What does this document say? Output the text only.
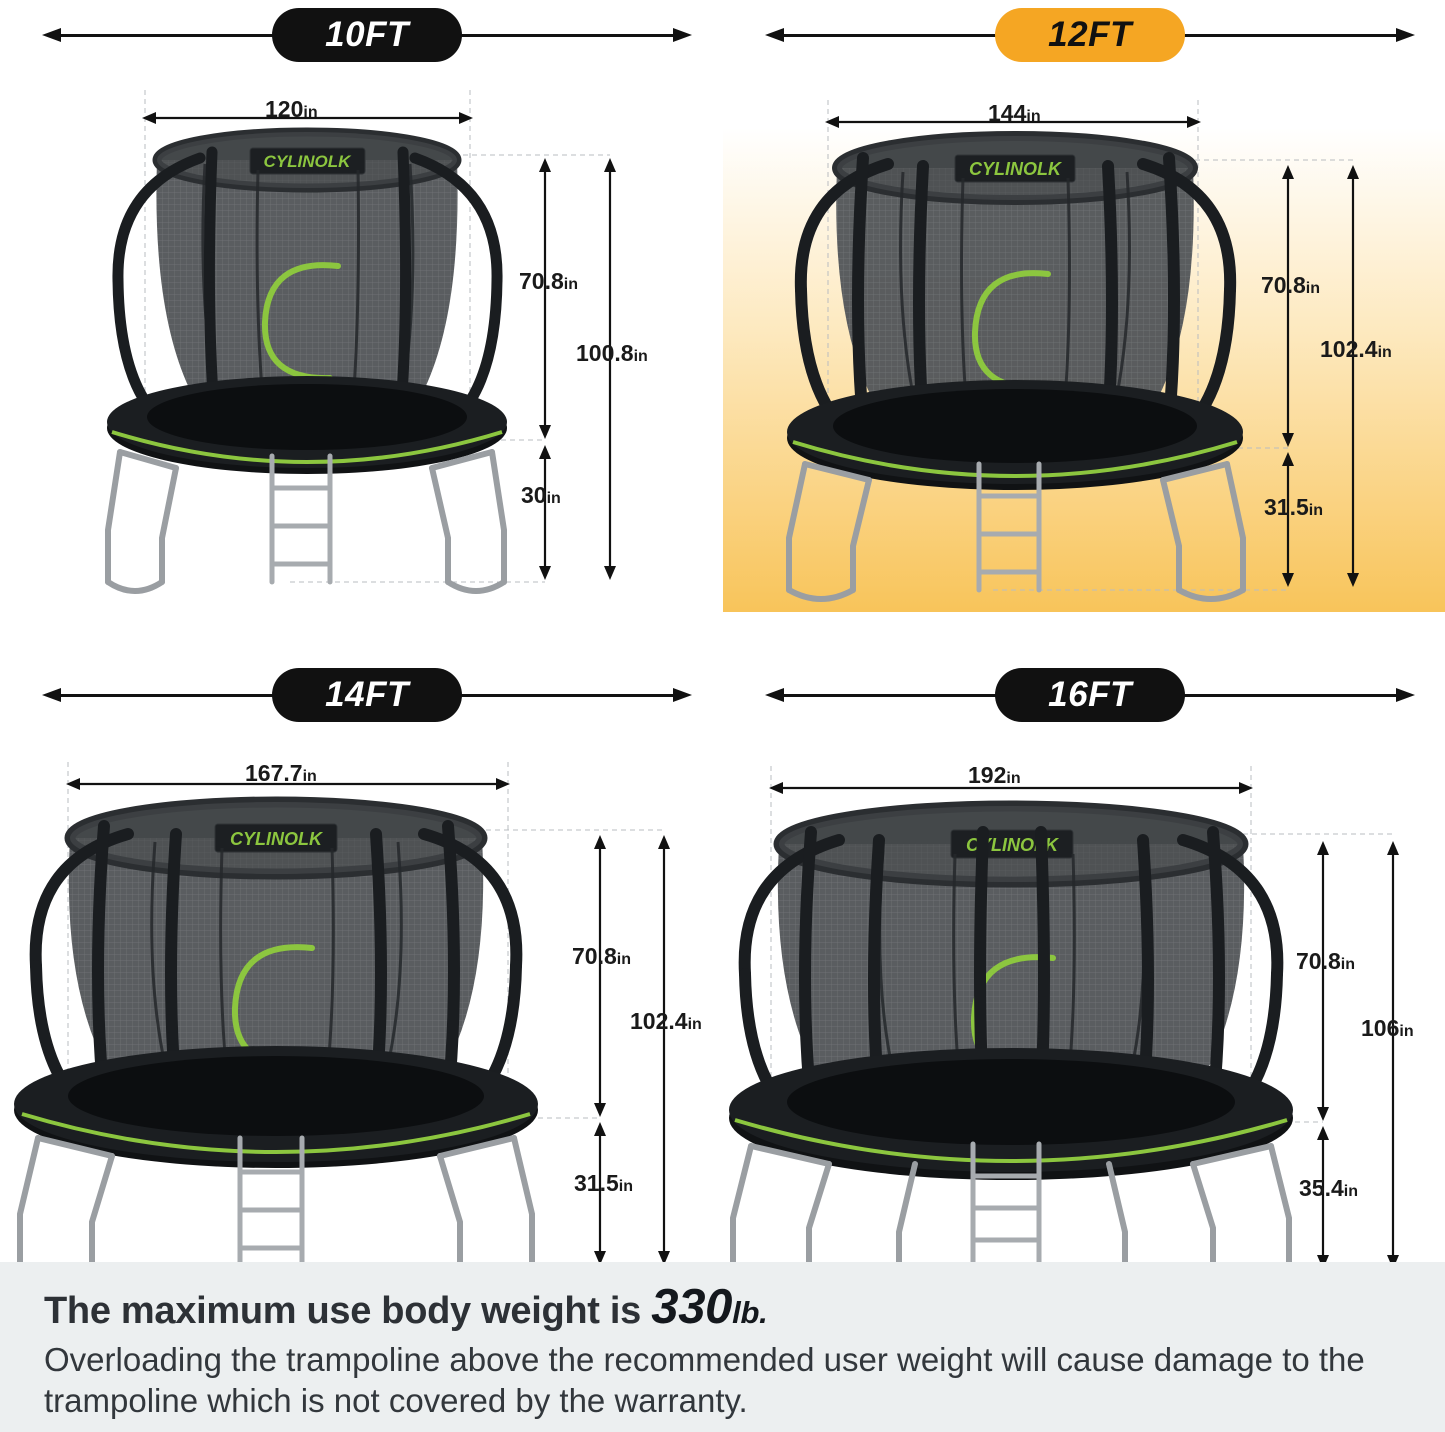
10FT
120in
CYLINOLK
70.8in
100.8in
30in
12FT
144in
CYLINOLK
70.8in
102.4in
31.5in
14FT
167.7in
CYLINOLK
70.8in
102.4in
31.5in
16FT
192in
CYLINOLK
70.8in
106in
35.4in
The maximum use body weight is 330lb.
Overloading the trampoline above the recommended user weight will cause damage to the trampoline which is not covered by the warranty.
